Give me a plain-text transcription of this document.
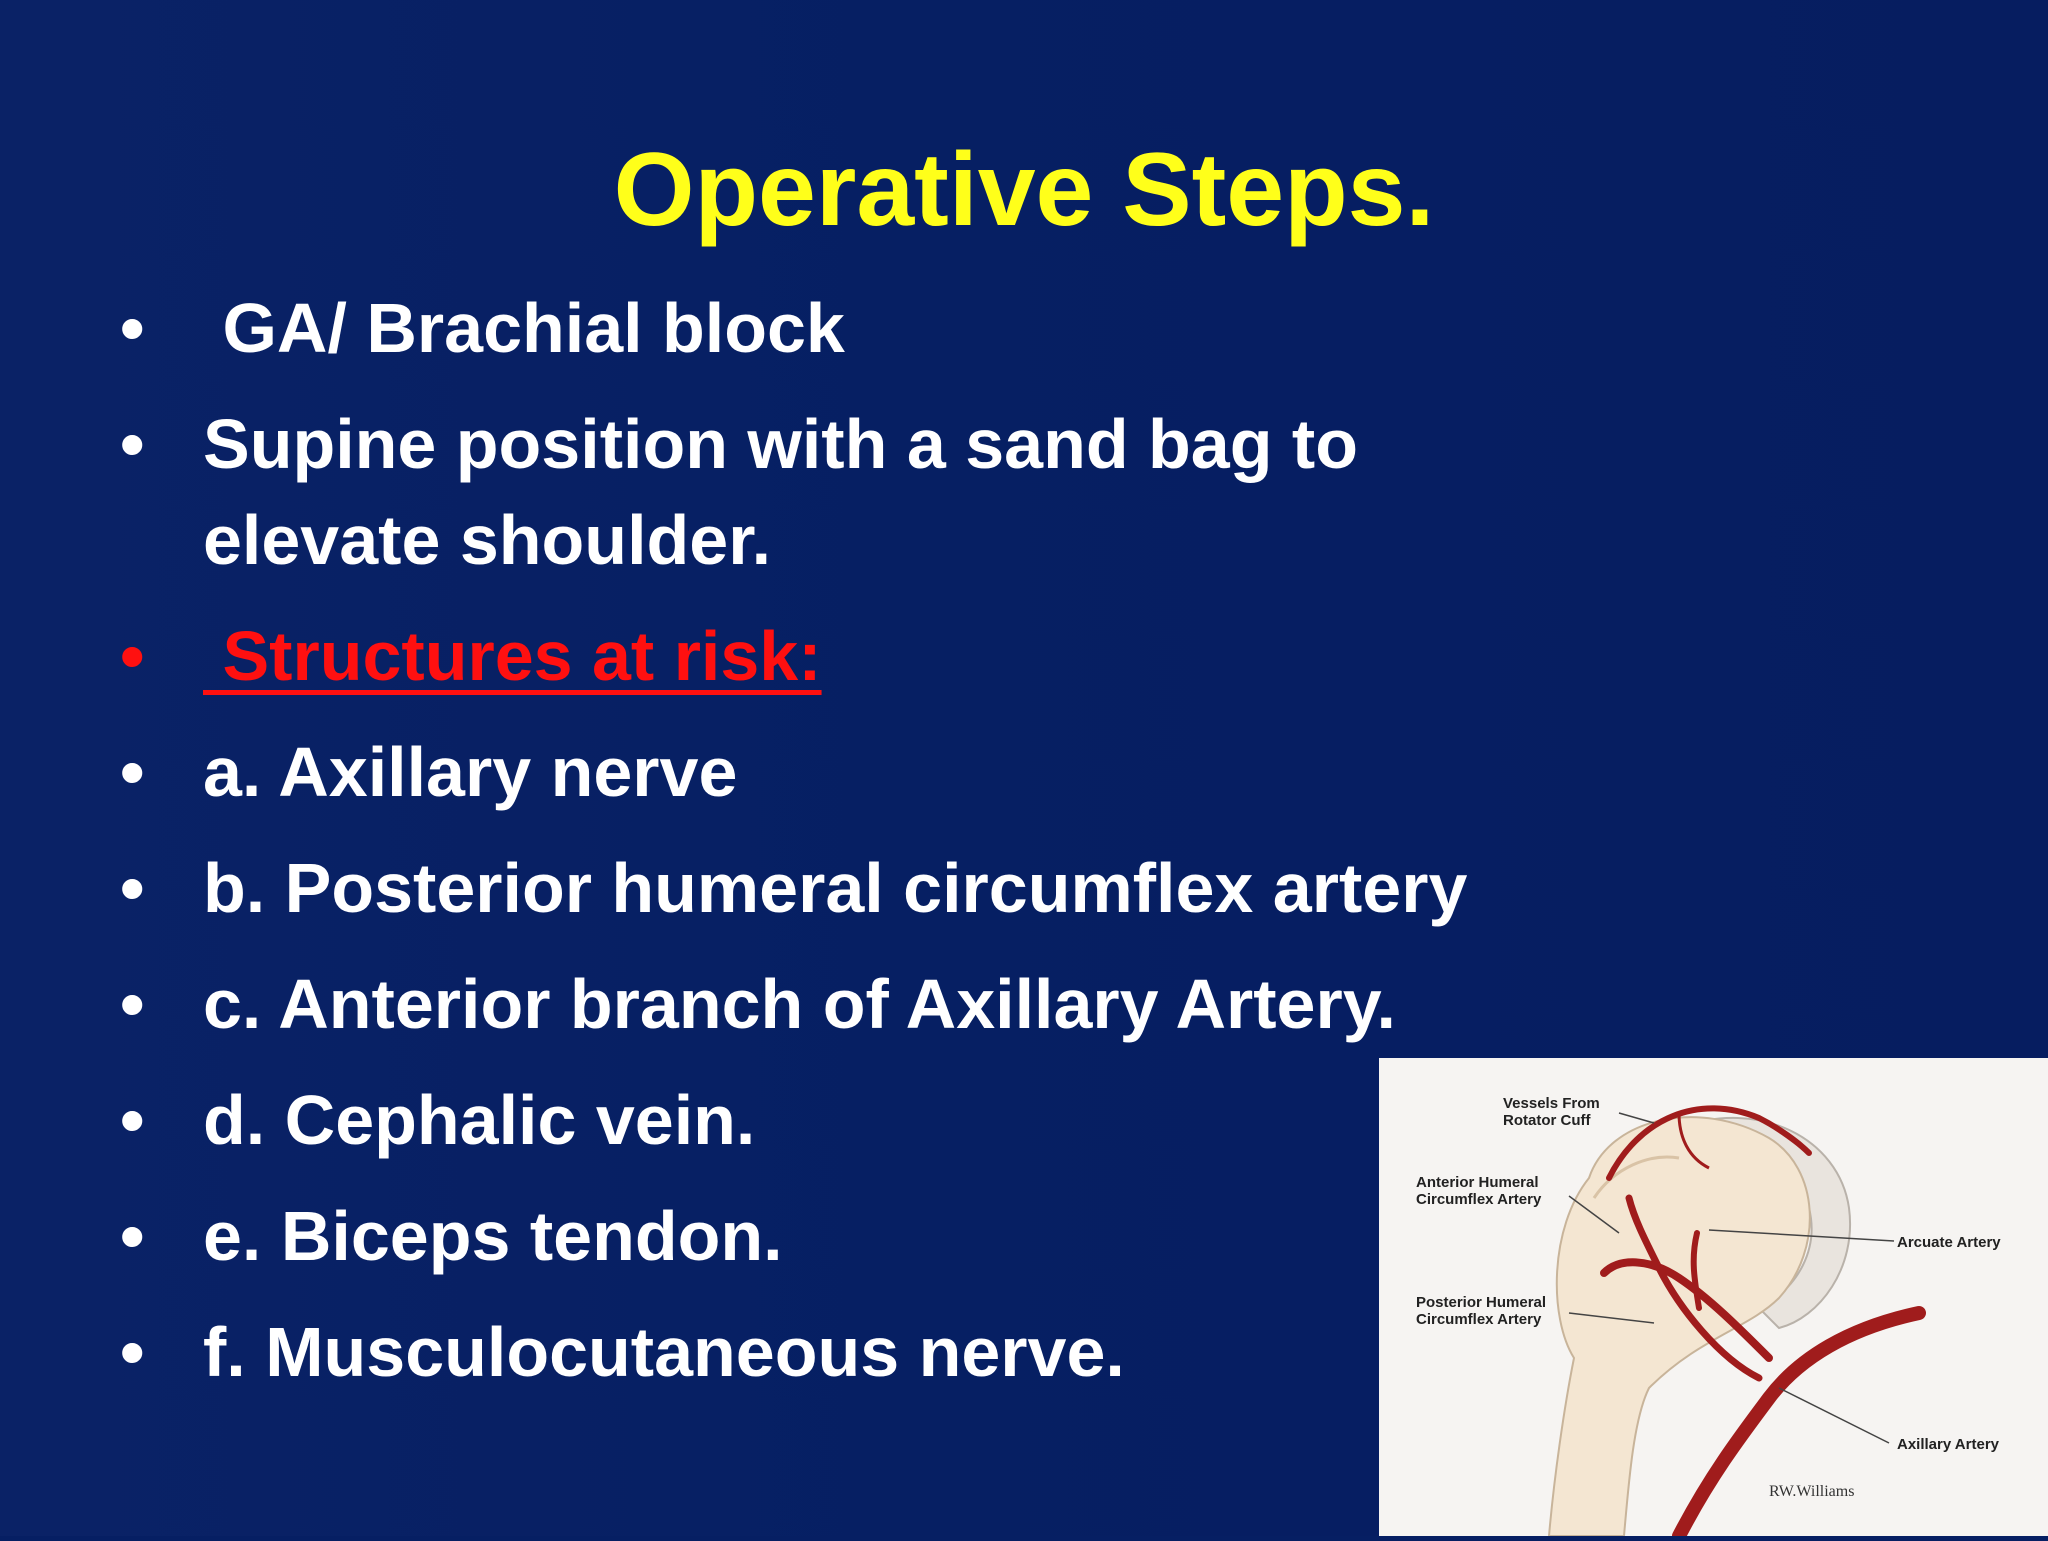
Operative Steps.
• GA/ Brachial block
• Supine position with a sand bag to elevate shoulder.
• Structures at risk:
• a. Axillary nerve
• b. Posterior humeral circumflex artery
• c. Anterior branch of Axillary Artery.
• d. Cephalic vein.
• e. Biceps tendon.
• f. Musculocutaneous nerve.
Vessels From
Rotator Cuff
Anterior Humeral
Circumflex Artery
Arcuate Artery
Posterior Humeral
Circumflex Artery
Axillary Artery
RW.Williams
